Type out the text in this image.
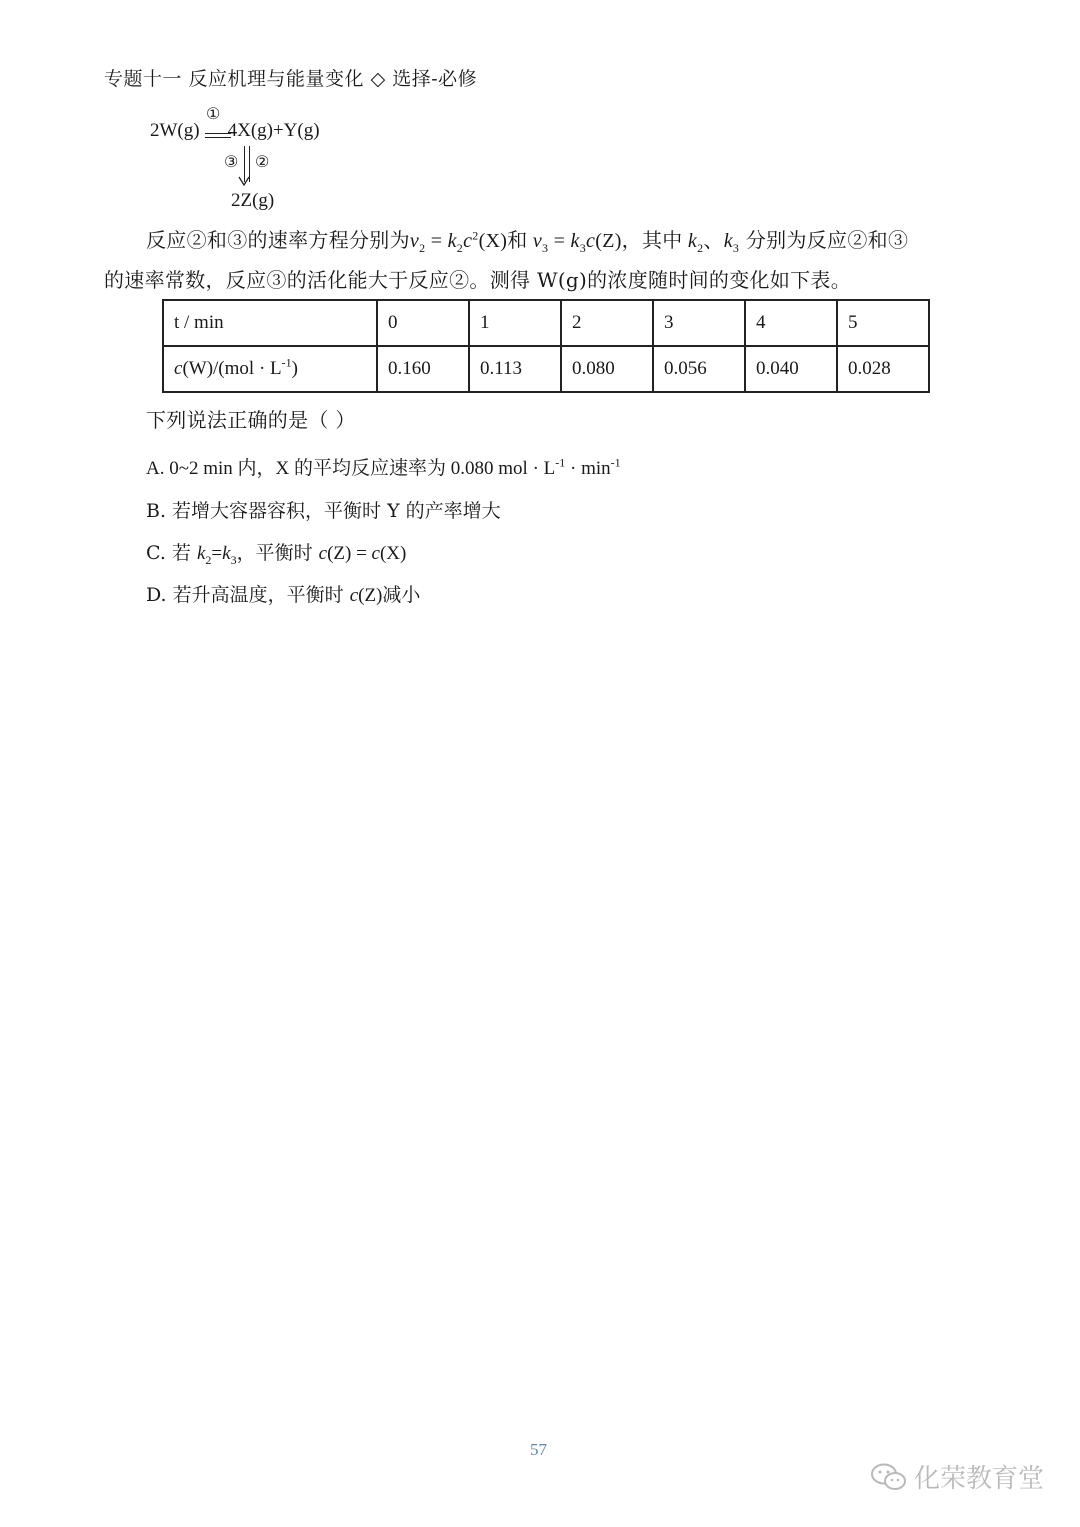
专题十一 反应机理与能量变化 ◇ 选择-必修
2W(g) 4X(g)+Y(g)
①
③ ②
2Z(g)
反应②和③的速率方程分别为$v_2 = k_2c^2(X)$和 $v_3 = k_3c(Z)$，其中 $k_2$、$k_3$ 分别为反应②和③
的速率常数，反应③的活化能大于反应②。测得 W(g)的浓度随时间的变化如下表。
t / min	0	1	2	3	4	5
$c(W)/(mol \cdot L^{-1})$	0.160	0.113	0.080	0.056	0.040	0.028
下列说法正确的是（ ）
A. 0~2 min 内，X 的平均反应速率为 0.080 mol · $L^{-1} \cdot \min^{-1}$
B. 若增大容器容积，平衡时 Y 的产率增大
C. 若 $k_2=k_3$，平衡时 c(Z) = c(X)
D. 若升高温度，平衡时 c(Z)减小
57
化荣教育堂
